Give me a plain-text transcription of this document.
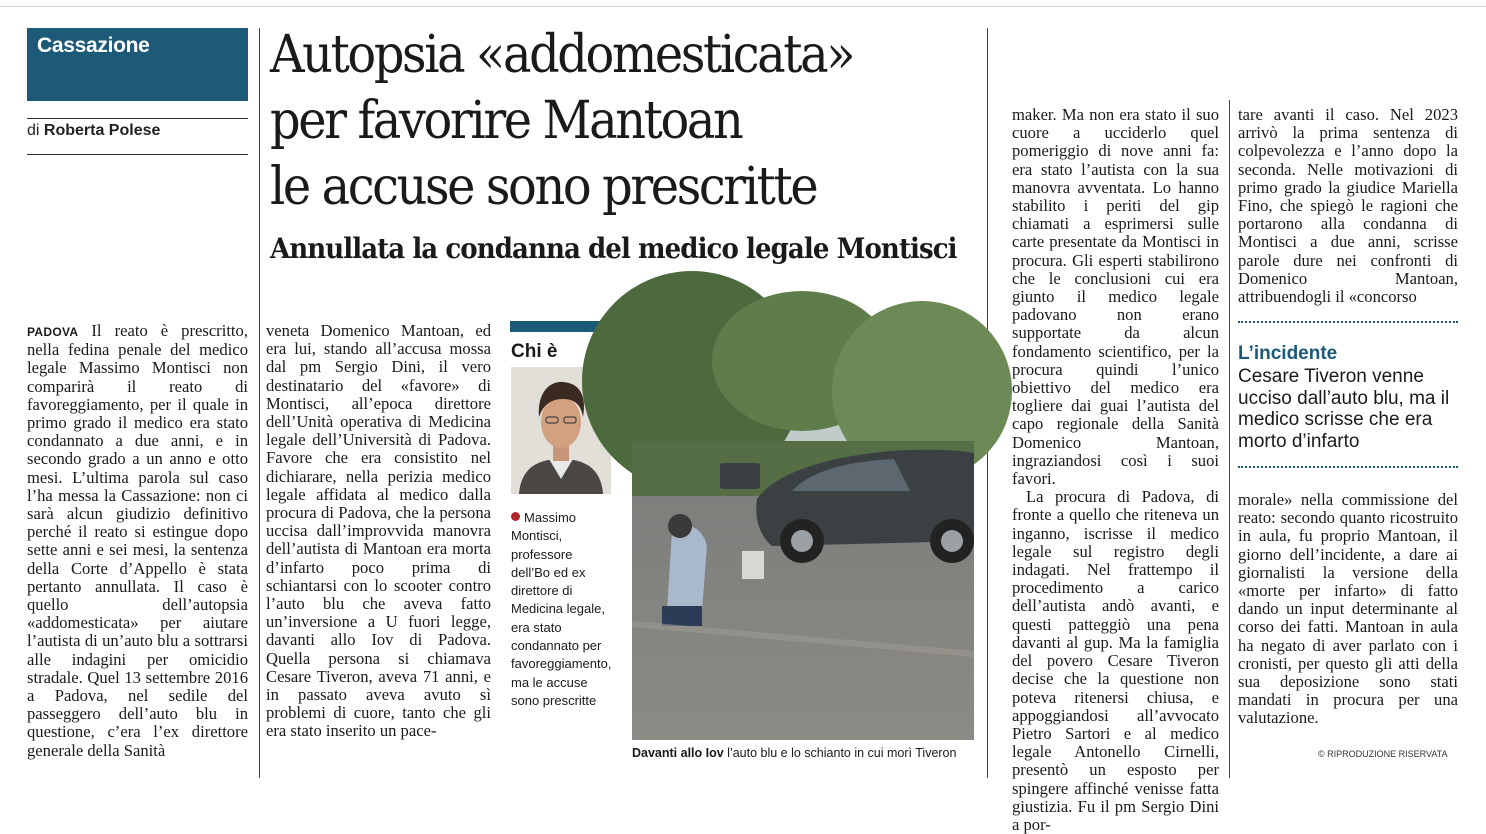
Cassazione
di Roberta Polese
Autopsia «addomesticata»
per favorire Mantoan
le accuse sono prescritte
Annullata la condanna del medico legale Montisci

PADOVA Il reato è prescritto, nella fedina penale del medico legale Massimo Montisci non comparirà il reato di favoreggiamento, per il quale in primo grado il medico era stato condannato a due anni, e in secondo grado a un anno e otto mesi. L’ultima parola sul caso l’ha messa la Cassazione: non ci sarà alcun giudizio definitivo perché il reato si estingue dopo sette anni e sei mesi, la sentenza della Corte d’Appello è stata pertanto annullata. Il caso è quello dell’autopsia «addomesticata» per aiutare l’autista di un’auto blu a sottrarsi alle indagini per omicidio stradale. Quel 13 settembre 2016 a Padova, nel sedile del passeggero dell’auto blu in questione, c’era l’ex direttore generale della Sanità

veneta Domenico Mantoan, ed era lui, stando all’accusa mossa dal pm Sergio Dini, il vero destinatario del «favore» di Montisci, all’epoca direttore dell’Unità operativa di Medicina legale dell’Università di Padova. Favore che era consistito nel dichiarare, nella perizia medico legale affidata al medico dalla procura di Padova, che la persona uccisa dall’improvvida manovra dell’autista di Mantoan era morta d’infarto poco prima di schiantarsi con lo scooter contro l’auto blu che aveva fatto un’inversione a U fuori legge, davanti allo Iov di Padova. Quella persona si chiamava Cesare Tiveron, aveva 71 anni, e in passato aveva avuto sì problemi di cuore, tanto che gli era stato inserito un pace-

Chi è
Massimo Montisci, professore dell’Bo ed ex direttore di Medicina legale, era stato condannato per favoreggiamento, ma le accuse sono prescritte
Davanti allo Iov l’auto blu e lo schianto in cui morì Tiveron

maker. Ma non era stato il suo cuore a ucciderlo quel pomeriggio di nove anni fa: era stato l’autista con la sua manovra avventata. Lo hanno stabilito i periti del gip chiamati a esprimersi sulle carte presentate da Montisci in procura. Gli esperti stabilirono che le conclusioni cui era giunto il medico legale padovano non erano supportate da alcun fondamento scientifico, per la procura quindi l’unico obiettivo del medico era togliere dai guai l’autista del capo regionale della Sanità Domenico Mantoan, ingraziandosi così i suoi favori.

La procura di Padova, di fronte a quello che riteneva un inganno, iscrisse il medico legale sul registro degli indagati. Nel frattempo il procedimento a carico dell’autista andò avanti, e questi patteggiò una pena davanti al gup. Ma la famiglia del povero Cesare Tiveron decise che la questione non poteva ritenersi chiusa, e appoggiandosi all’avvocato Pietro Sartori e al medico legale Antonello Cirnelli, presentò un esposto per spingere affinché venisse fatta giustizia. Fu il pm Sergio Dini a por-

tare avanti il caso. Nel 2023 arrivò la prima sentenza di colpevolezza e l’anno dopo la seconda. Nelle motivazioni di primo grado la giudice Mariella Fino, che spiegò le ragioni che portarono alla condanna di Montisci a due anni, scrisse parole dure nei confronti di Domenico Mantoan, attribuendogli il «concorso

L’incidente
Cesare Tiveron venne ucciso dall’auto blu, ma il medico scrisse che era morto d’infarto

morale» nella commissione del reato: secondo quanto ricostruito in aula, fu proprio Mantoan, il giorno dell’incidente, a dare ai giornalisti la versione della «morte per infarto» di fatto dando un input determinante al corso dei fatti. Mantoan in aula ha negato di aver parlato con i cronisti, per questo gli atti della sua deposizione sono stati mandati in procura per una valutazione.

© RIPRODUZIONE RISERVATA
